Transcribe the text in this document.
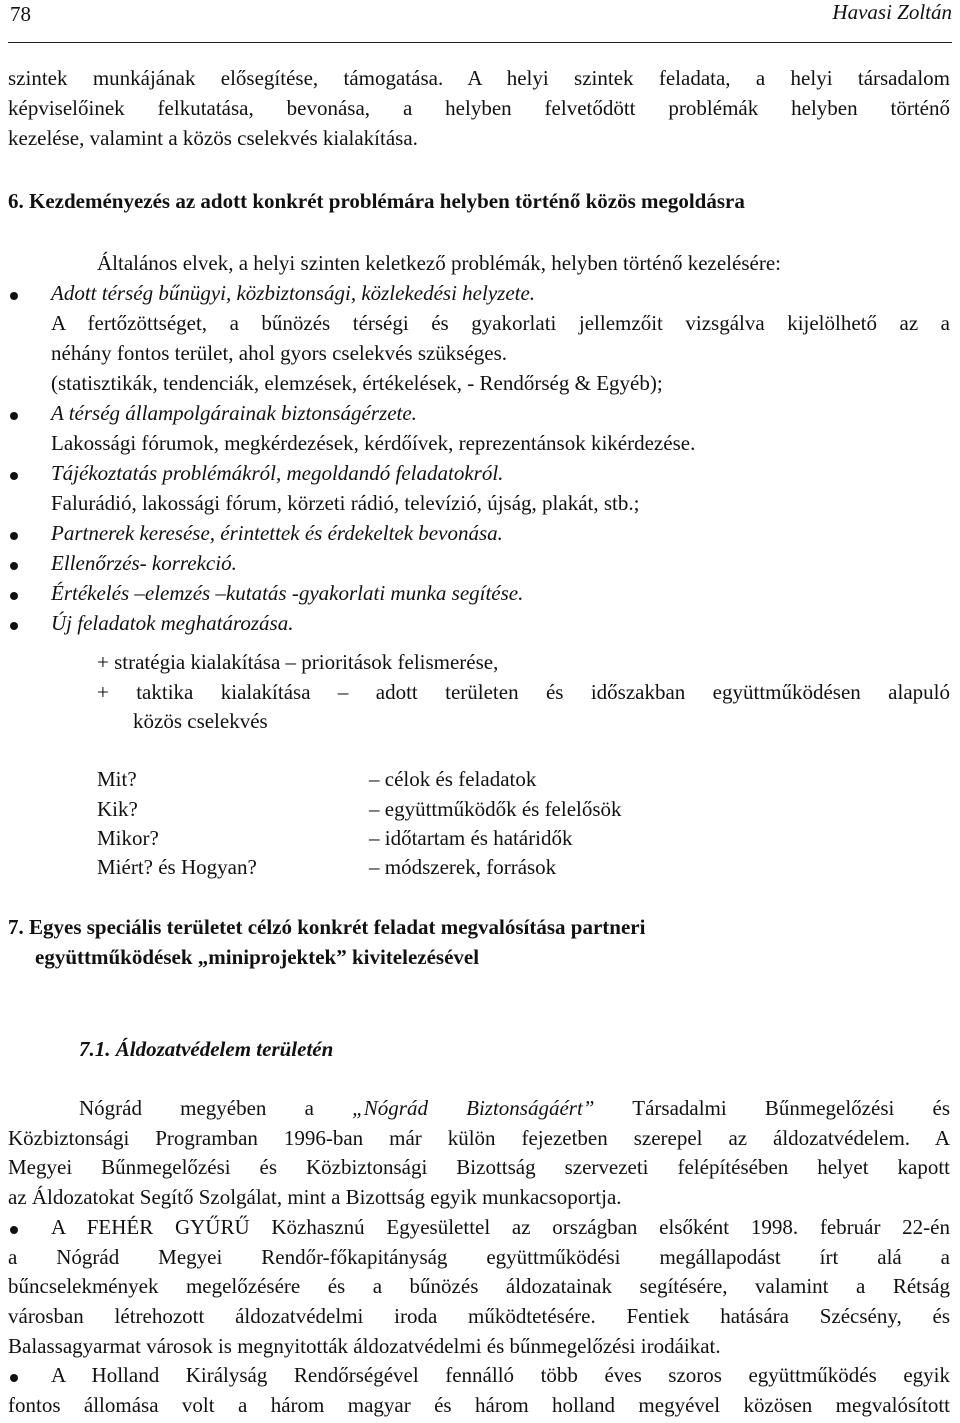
78	Havasi Zoltán
szintek munkájának elősegítése, támogatása. A helyi szintek feladata, a helyi társadalom
képviselőinek felkutatása, bevonása, a helyben felvetődött problémák helyben történő
kezelése, valamint a közös cselekvés kialakítása.
6. Kezdeményezés az adott konkrét problémára helyben történő közös megoldásra
Általános elvek, a helyi szinten keletkező problémák, helyben történő kezelésére:
Adott térség bűnügyi, közbiztonsági, közlekedési helyzete.
A fertőzöttséget, a bűnözés térségi és gyakorlati jellemzőit vizsgálva kijelölhető az a
néhány fontos terület, ahol gyors cselekvés szükséges.
(statisztikák, tendenciák, elemzések, értékelések, - Rendőrség & Egyéb);
A térség állampolgárainak biztonságérzete.
Lakossági fórumok, megkérdezések, kérdőívek, reprezentánsok kikérdezése.
Tájékoztatás problémákról, megoldandó feladatokról.
Falurádió, lakossági fórum, körzeti rádió, televízió, újság, plakát, stb.;
Partnerek keresése, érintettek és érdekeltek bevonása.
Ellenőrzés- korrekció.
Értékelés –elemzés –kutatás -gyakorlati munka segítése.
Új feladatok meghatározása.
+ stratégia kialakítása – prioritások felismerése,
+ taktika kialakítása – adott területen és időszakban együttműködésen alapuló
közös cselekvés
Mit?	– célok és feladatok
Kik?	– együttműködők és felelősök
Mikor?	– időtartam és határidők
Miért? és Hogyan?	– módszerek, források
7. Egyes speciális területet célzó konkrét feladat megvalósítása partneri
együttműködések „miniprojektek” kivitelezésével
7.1. Áldozatvédelem területén
Nógrád megyében a „Nógrád Biztonságáért” Társadalmi Bűnmegelőzési és
Közbiztonsági Programban 1996-ban már külön fejezetben szerepel az áldozatvédelem. A
Megyei Bűnmegelőzési és Közbiztonsági Bizottság szervezeti felépítésében helyet kapott
az Áldozatokat Segítő Szolgálat, mint a Bizottság egyik munkacsoportja.
A FEHÉR GYŰRŰ Közhasznú Egyesülettel az országban elsőként 1998. február 22-én
a Nógrád Megyei Rendőr-főkapitányság együttműködési megállapodást írt alá a
bűncselekmények megelőzésére és a bűnözés áldozatainak segítésére, valamint a Rétság
városban létrehozott áldozatvédelmi iroda működtetésére. Fentiek hatására Szécsény, és
Balassagyarmat városok is megnyitották áldozatvédelmi és bűnmegelőzési irodáikat.
A Holland Királyság Rendőrségével fennálló több éves szoros együttműködés egyik
fontos állomása volt a három magyar és három holland megyével közösen megvalósított
